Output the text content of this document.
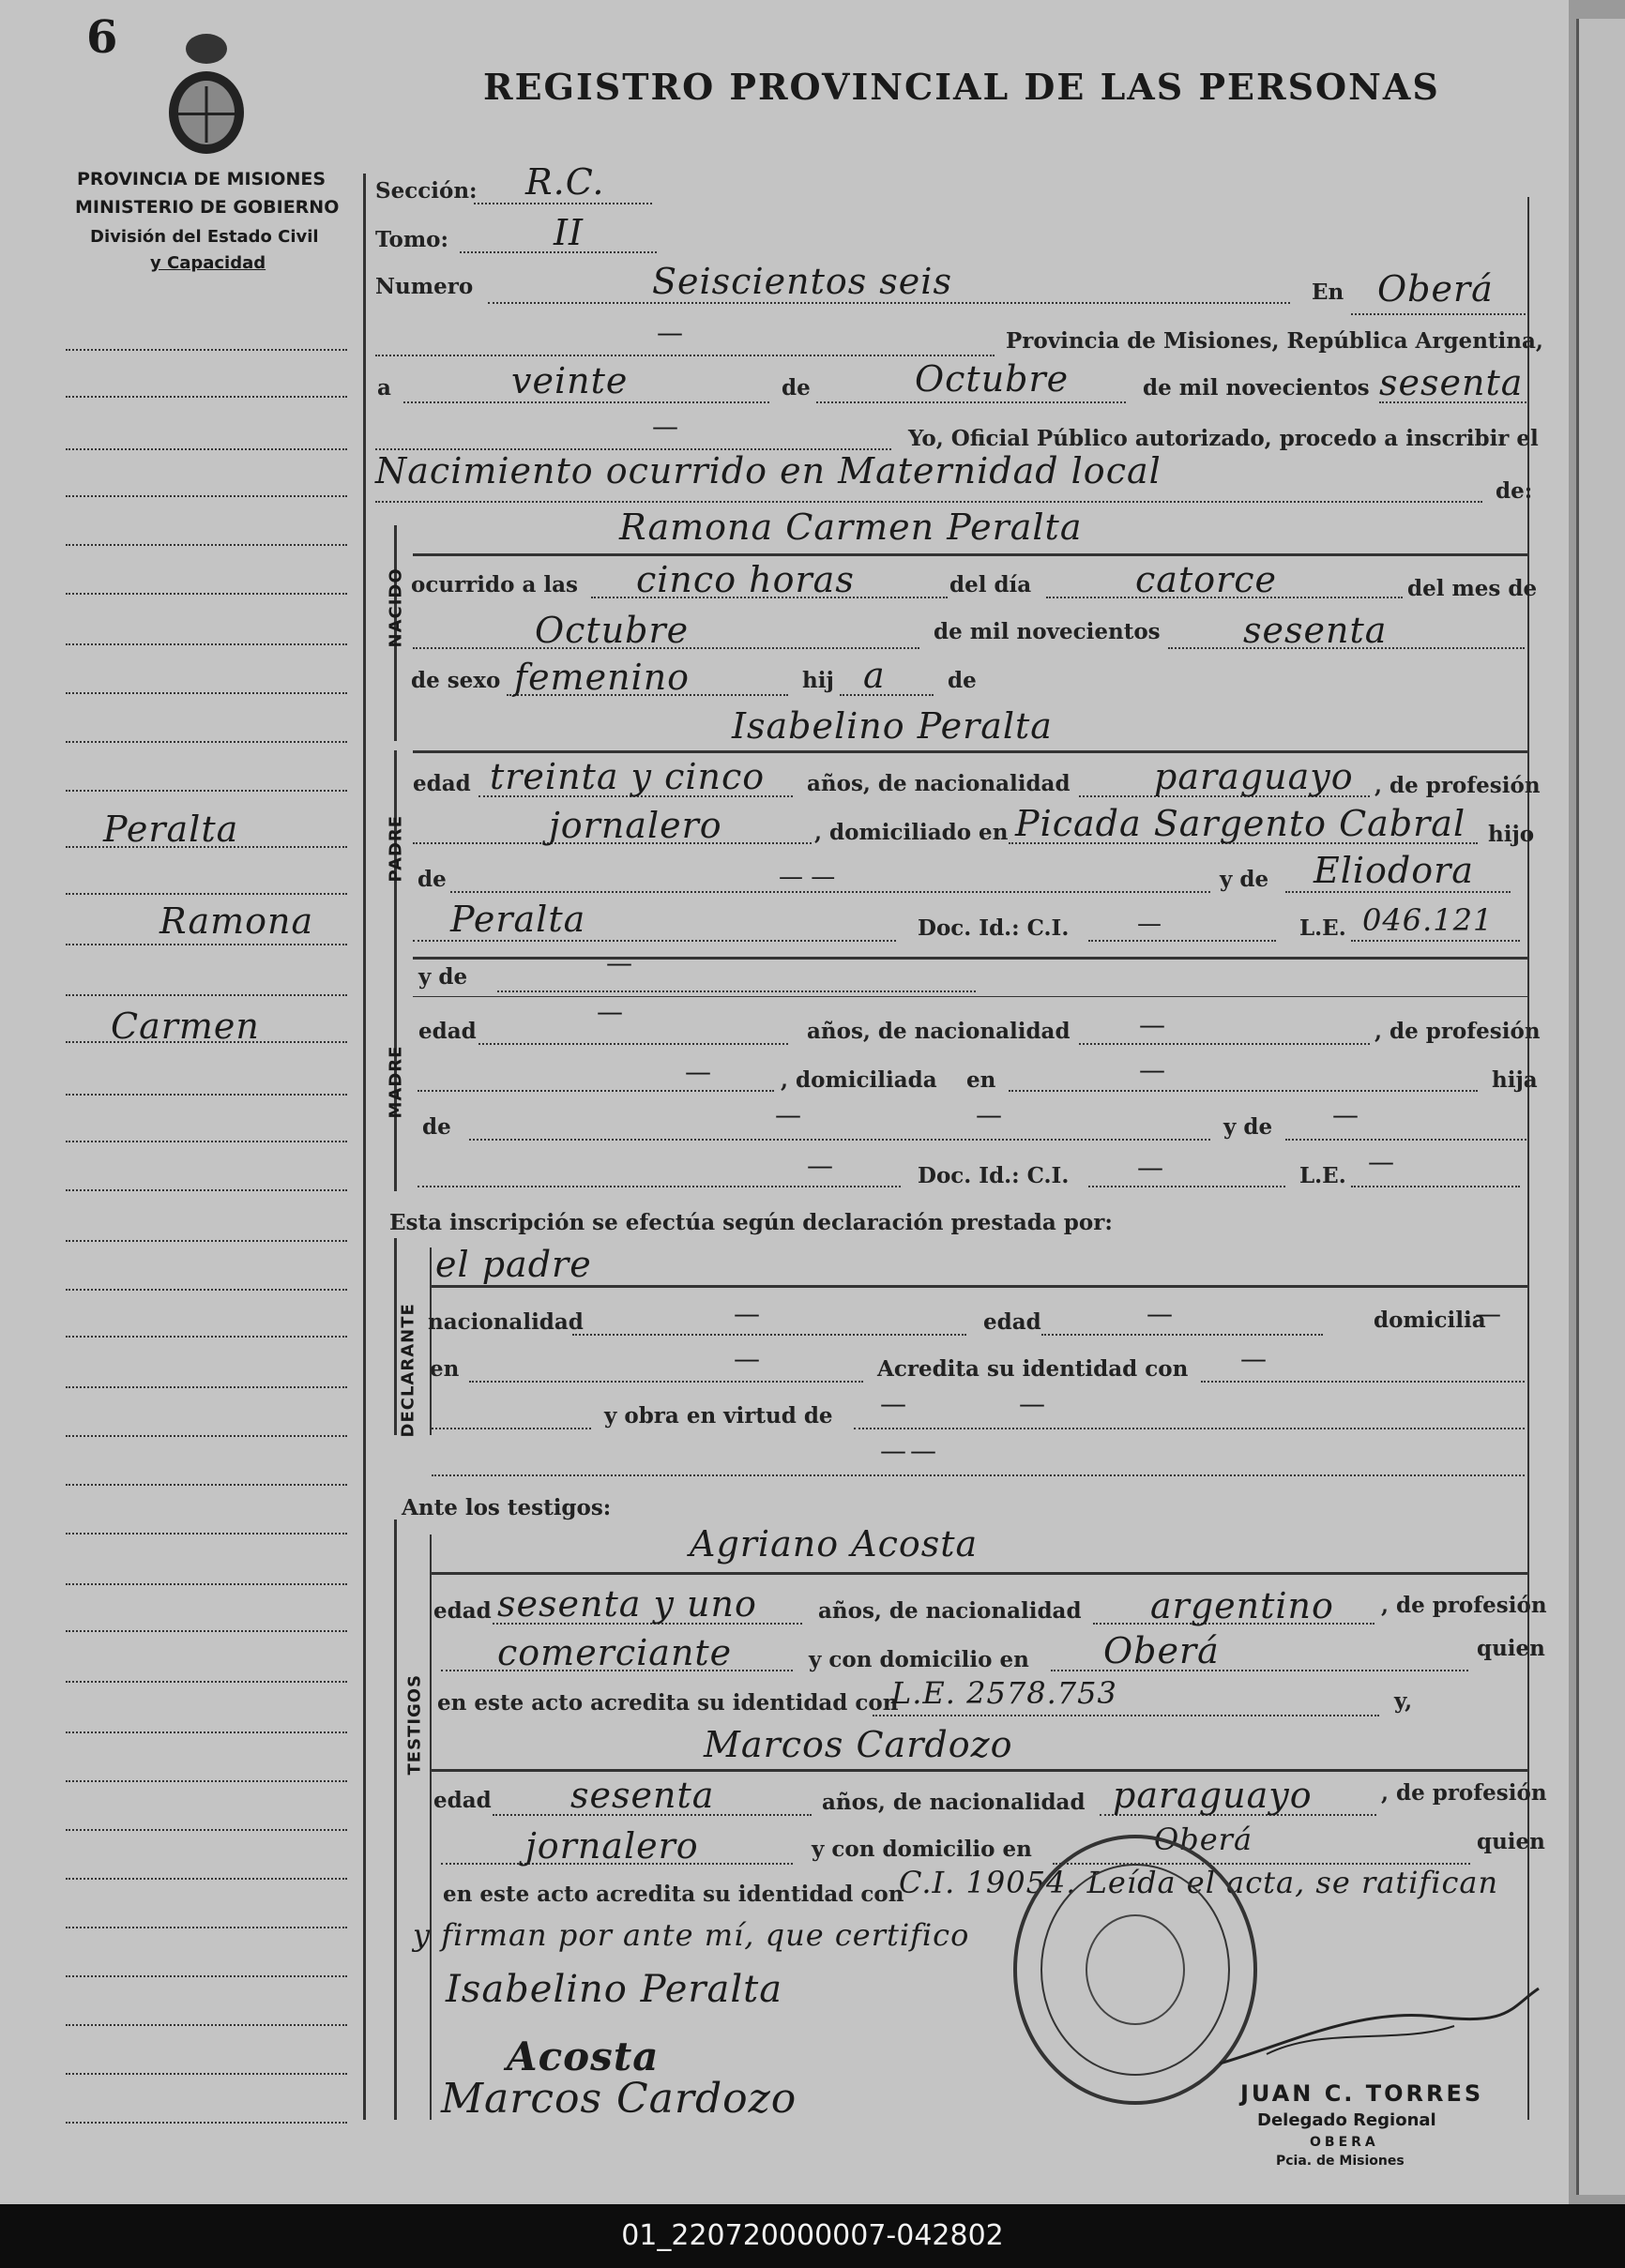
6
REGISTRO PROVINCIAL DE LAS PERSONAS
PROVINCIA DE MISIONES
MINISTERIO DE GOBIERNO
División del Estado Civil
y Capacidad
Peralta
Ramona
Carmen
Sección: R.C.
Tomo:	II
Numero	Seiscientos seis	En Oberá
—	Provincia de Misiones, República Argentina,
a	veinte	de	Octubre	de mil novecientos sesenta
—	Yo, Oficial Público autorizado, procedo a inscribir el
Nacimiento ocurrido en Maternidad local	de:
NACIDO
Ramona Carmen Peralta
ocurrido a las cinco horas	del día	catorce	del mes de
Octubre	de mil novecientos sesenta
de sexo femenino	hij a	de
Isabelino Peralta
PADRE
edad treinta y cinco años, de nacionalidad paraguayo , de profesión
jornalero	, domiciliado en Picada Sargento Cabral hijo
de	— —	y de Eliodora
Peralta	Doc. Id.: C.I.	—	L.E. 046.121
MADRE
y de	—
edad
—
años, de nacionalidad	—	, de profesión
—	, domiciliada en	—	hija
de	—	—	y de —
—	Doc. Id.: C.I.	—	L.E. —
Esta inscripción se efectúa según declaración prestada por:
DECLARANTE
el padre
nacionalidad	—	edad	—	domicilia
—
en	—	Acredita su identidad con —
y obra en virtud de —	—
— —
Ante los testigos:
TESTIGOS
Agriano Acosta
edad sesenta y uno	años, de nacionalidad argentino , de profesión
comerciante	y con domicilio en Oberá	quien
en este acto acredita su identidad con
L.E. 2578.753	y,
Marcos Cardozo
edad sesenta	años, de nacionalidad paraguayo	, de profesión
jornalero	y con domicilio en	Oberá	quien
en este acto acredita su identidad con
C.I. 19054. Leída el acta, se ratifican
y firman por ante mí, que certifico
Isabelino Peralta
Acosta
Marcos Cardozo	JUAN C. TORRES
Delegado Regional
OBERA
Pcia. de Misiones
01_220720000007-042802
